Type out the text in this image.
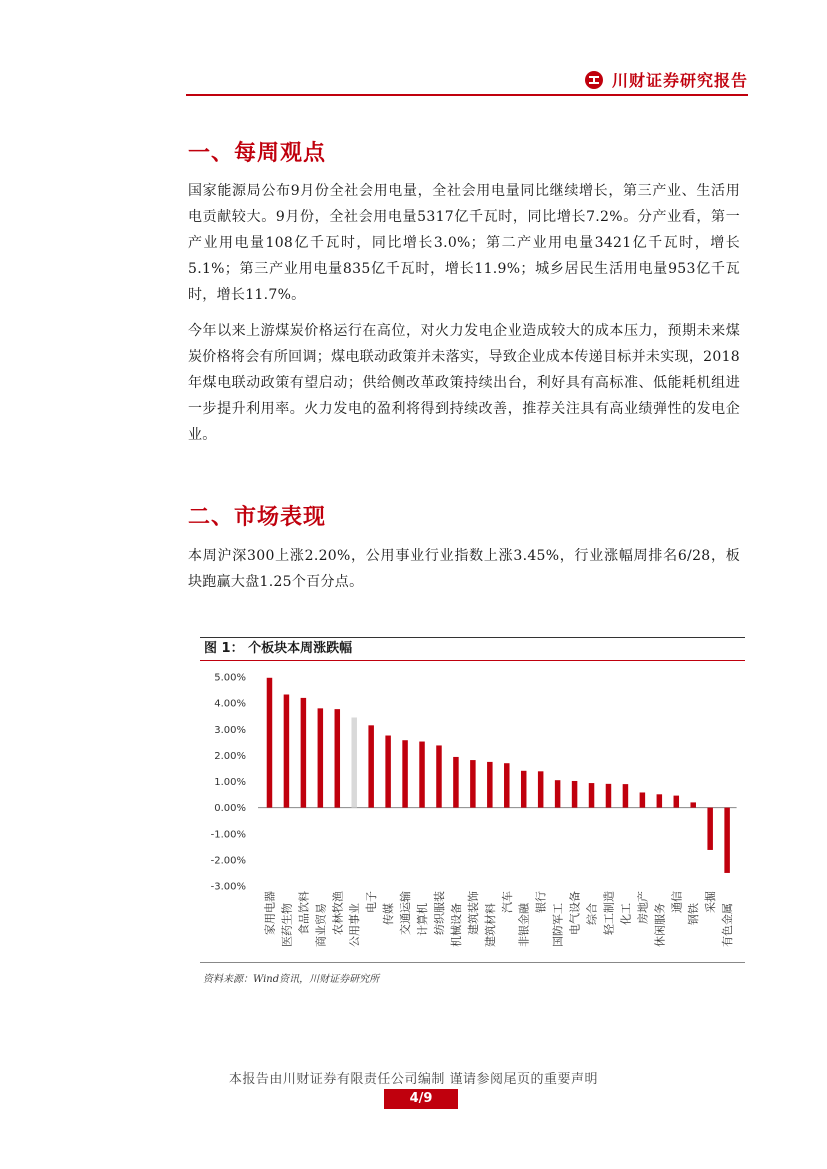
川财证券研究报告
一、每周观点

国家能源局公布9月份全社会用电量，全社会用电量同比继续增长，第三产业、生活用电贡献较大。9月份，全社会用电量5317亿千瓦时，同比增长7.2%。分产业看，第一产业用电量108亿千瓦时，同比增长3.0%；第二产业用电量3421亿千瓦时，增长5.1%；第三产业用电量835亿千瓦时，增长11.9%；城乡居民生活用电量953亿千瓦时，增长11.7%。

今年以来上游煤炭价格运行在高位，对火力发电企业造成较大的成本压力，预期未来煤炭价格将会有所回调；煤电联动政策并未落实，导致企业成本传递目标并未实现，2018年煤电联动政策有望启动；供给侧改革政策持续出台，利好具有高标准、低能耗机组进一步提升利用率。火力发电的盈利将得到持续改善，推荐关注具有高业绩弹性的发电企业。

二、市场表现

本周沪深300上涨2.20%，公用事业行业指数上涨3.45%，行业涨幅周排名6/28，板块跑赢大盘1.25个百分点。

图 1： 个板块本周涨跌幅
5.00%
4.00%
3.00%
2.00%
1.00%
0.00%
-1.00%
-2.00%
-3.00%
家用电器 医药生物 食品饮料 商业贸易 农林牧渔 公用事业
电子
传媒 交通运输 计算机 纺织服装 机械设备 建筑装饰 建筑材料
汽车
非银金融
银行
国防军工 电气设备 综合 轻工制造 化工 房地产 休闲服务
通信
钢铁
采掘
有色金属
资料来源：Wind资讯，川财证券研究所
本报告由川财证券有限责任公司编制 谨请参阅尾页的重要声明
4/9
